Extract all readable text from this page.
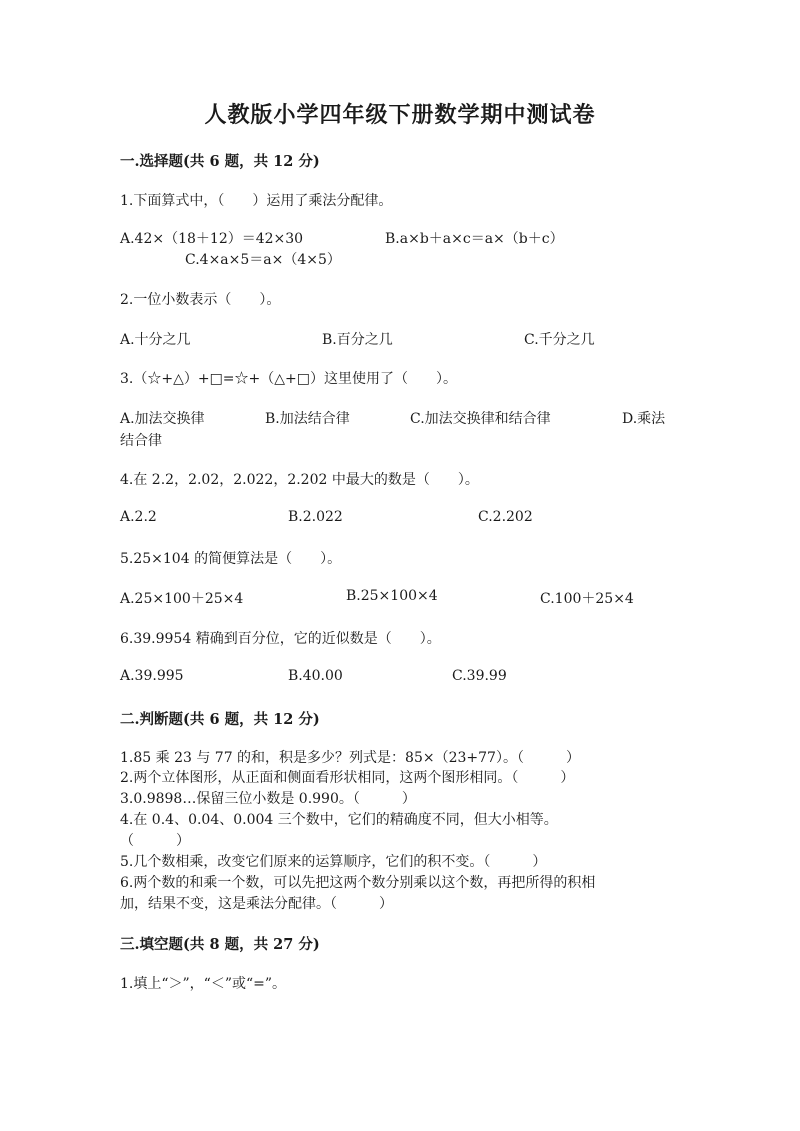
人教版小学四年级下册数学期中测试卷
一.选择题(共 6 题，共 12 分)
1.下面算式中，（　　）运用了乘法分配律。
A.42×（18＋12）＝42×30	B.a×b＋a×c＝a×（b＋c）
C.4×a×5＝a×（4×5）
2.一位小数表示（　　）。
A.十分之几	B.百分之几	C.千分之几
3.（☆+△）+□=☆+（△+□）这里使用了（　　）。
A.加法交换律	B.加法结合律	C.加法交换律和结合律	D.乘法
结合律
4.在 2.2，2.02，2.022，2.202 中最大的数是（　　）。
A.2.2	B.2.022	C.2.202
5.25×104 的简便算法是（　　）。
A.25×100＋25×4	B.25×100×4	C.100＋25×4
6.39.9954 精确到百分位，它的近似数是（　　）。
A.39.995	B.40.00	C.39.99
二.判断题(共 6 题，共 12 分)
1.85 乘 23 与 77 的和，积是多少？列式是：85×（23+77）。（　　　）
2.两个立体图形，从正面和侧面看形状相同，这两个图形相同。（　　　）
3.0.9898…保留三位小数是 0.990。（　　　）
4.在 0.4、0.04、0.004 三个数中，它们的精确度不同，但大小相等。
（　　　）
5.几个数相乘，改变它们原来的运算顺序，它们的积不变。（　　　）
6.两个数的和乘一个数，可以先把这两个数分别乘以这个数，再把所得的积相
加，结果不变，这是乘法分配律。（　　　）
三.填空题(共 8 题，共 27 分)
1.填上“＞”，“＜”或“=”。
